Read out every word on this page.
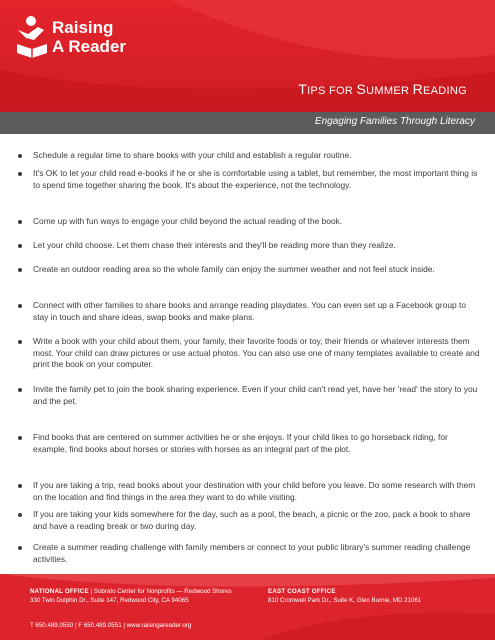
Raising
A Reader
TIPS FOR SUMMER READING
Engaging Families Through Literacy
Schedule a regular time to share books with your child and establish a regular routine.
It's OK to let your child read e-books if he or she is comfortable using a tablet, but remember, the most important thing is to spend time together sharing the book. It's about the experience, not the technology.
Come up with fun ways to engage your child beyond the actual reading of the book.
Let your child choose. Let them chase their interests and they'll be reading more than they realize.
Create an outdoor reading area so the whole family can enjoy the summer weather and not feel stuck inside.
Connect with other families to share books and arrange reading playdates. You can even set up a Facebook group to stay in touch and share ideas, swap books and make plans.
Write a book with your child about them, your family, their favorite foods or toy, their friends or whatever interests them most. Your child can draw pictures or use actual photos. You can also use one of many templates available to create and print the book on your computer.
Invite the family pet to join the book sharing experience. Even if your child can't read yet, have her 'read' the story to you and the pet.
Find books that are centered on summer activities he or she enjoys. If your child likes to go horseback riding, for example, find books about horses or stories with horses as an integral part of the plot.
If you are taking a trip, read books about your destination with your child before you leave. Do some research with them on the location and find things in the area they want to do while visiting.
If you are taking your kids somewhere for the day, such as a pool, the beach, a picnic or the zoo, pack a book to share and have a reading break or two during day.
Create a summer reading challenge with family members or connect to your public library's summer reading challenge activities.
NATIONAL OFFICE | Sobrato Center for Nonprofits — Redwood Shores
330 Twin Dolphin Dr., Suite 147, Redwood City, CA 94065
EAST COAST OFFICE
810 Cromwell Park Dr., Suite K, Glen Burnie, MD 21061
T 650.489.0550 | F 650.489.0551 | www.raisingareader.org
